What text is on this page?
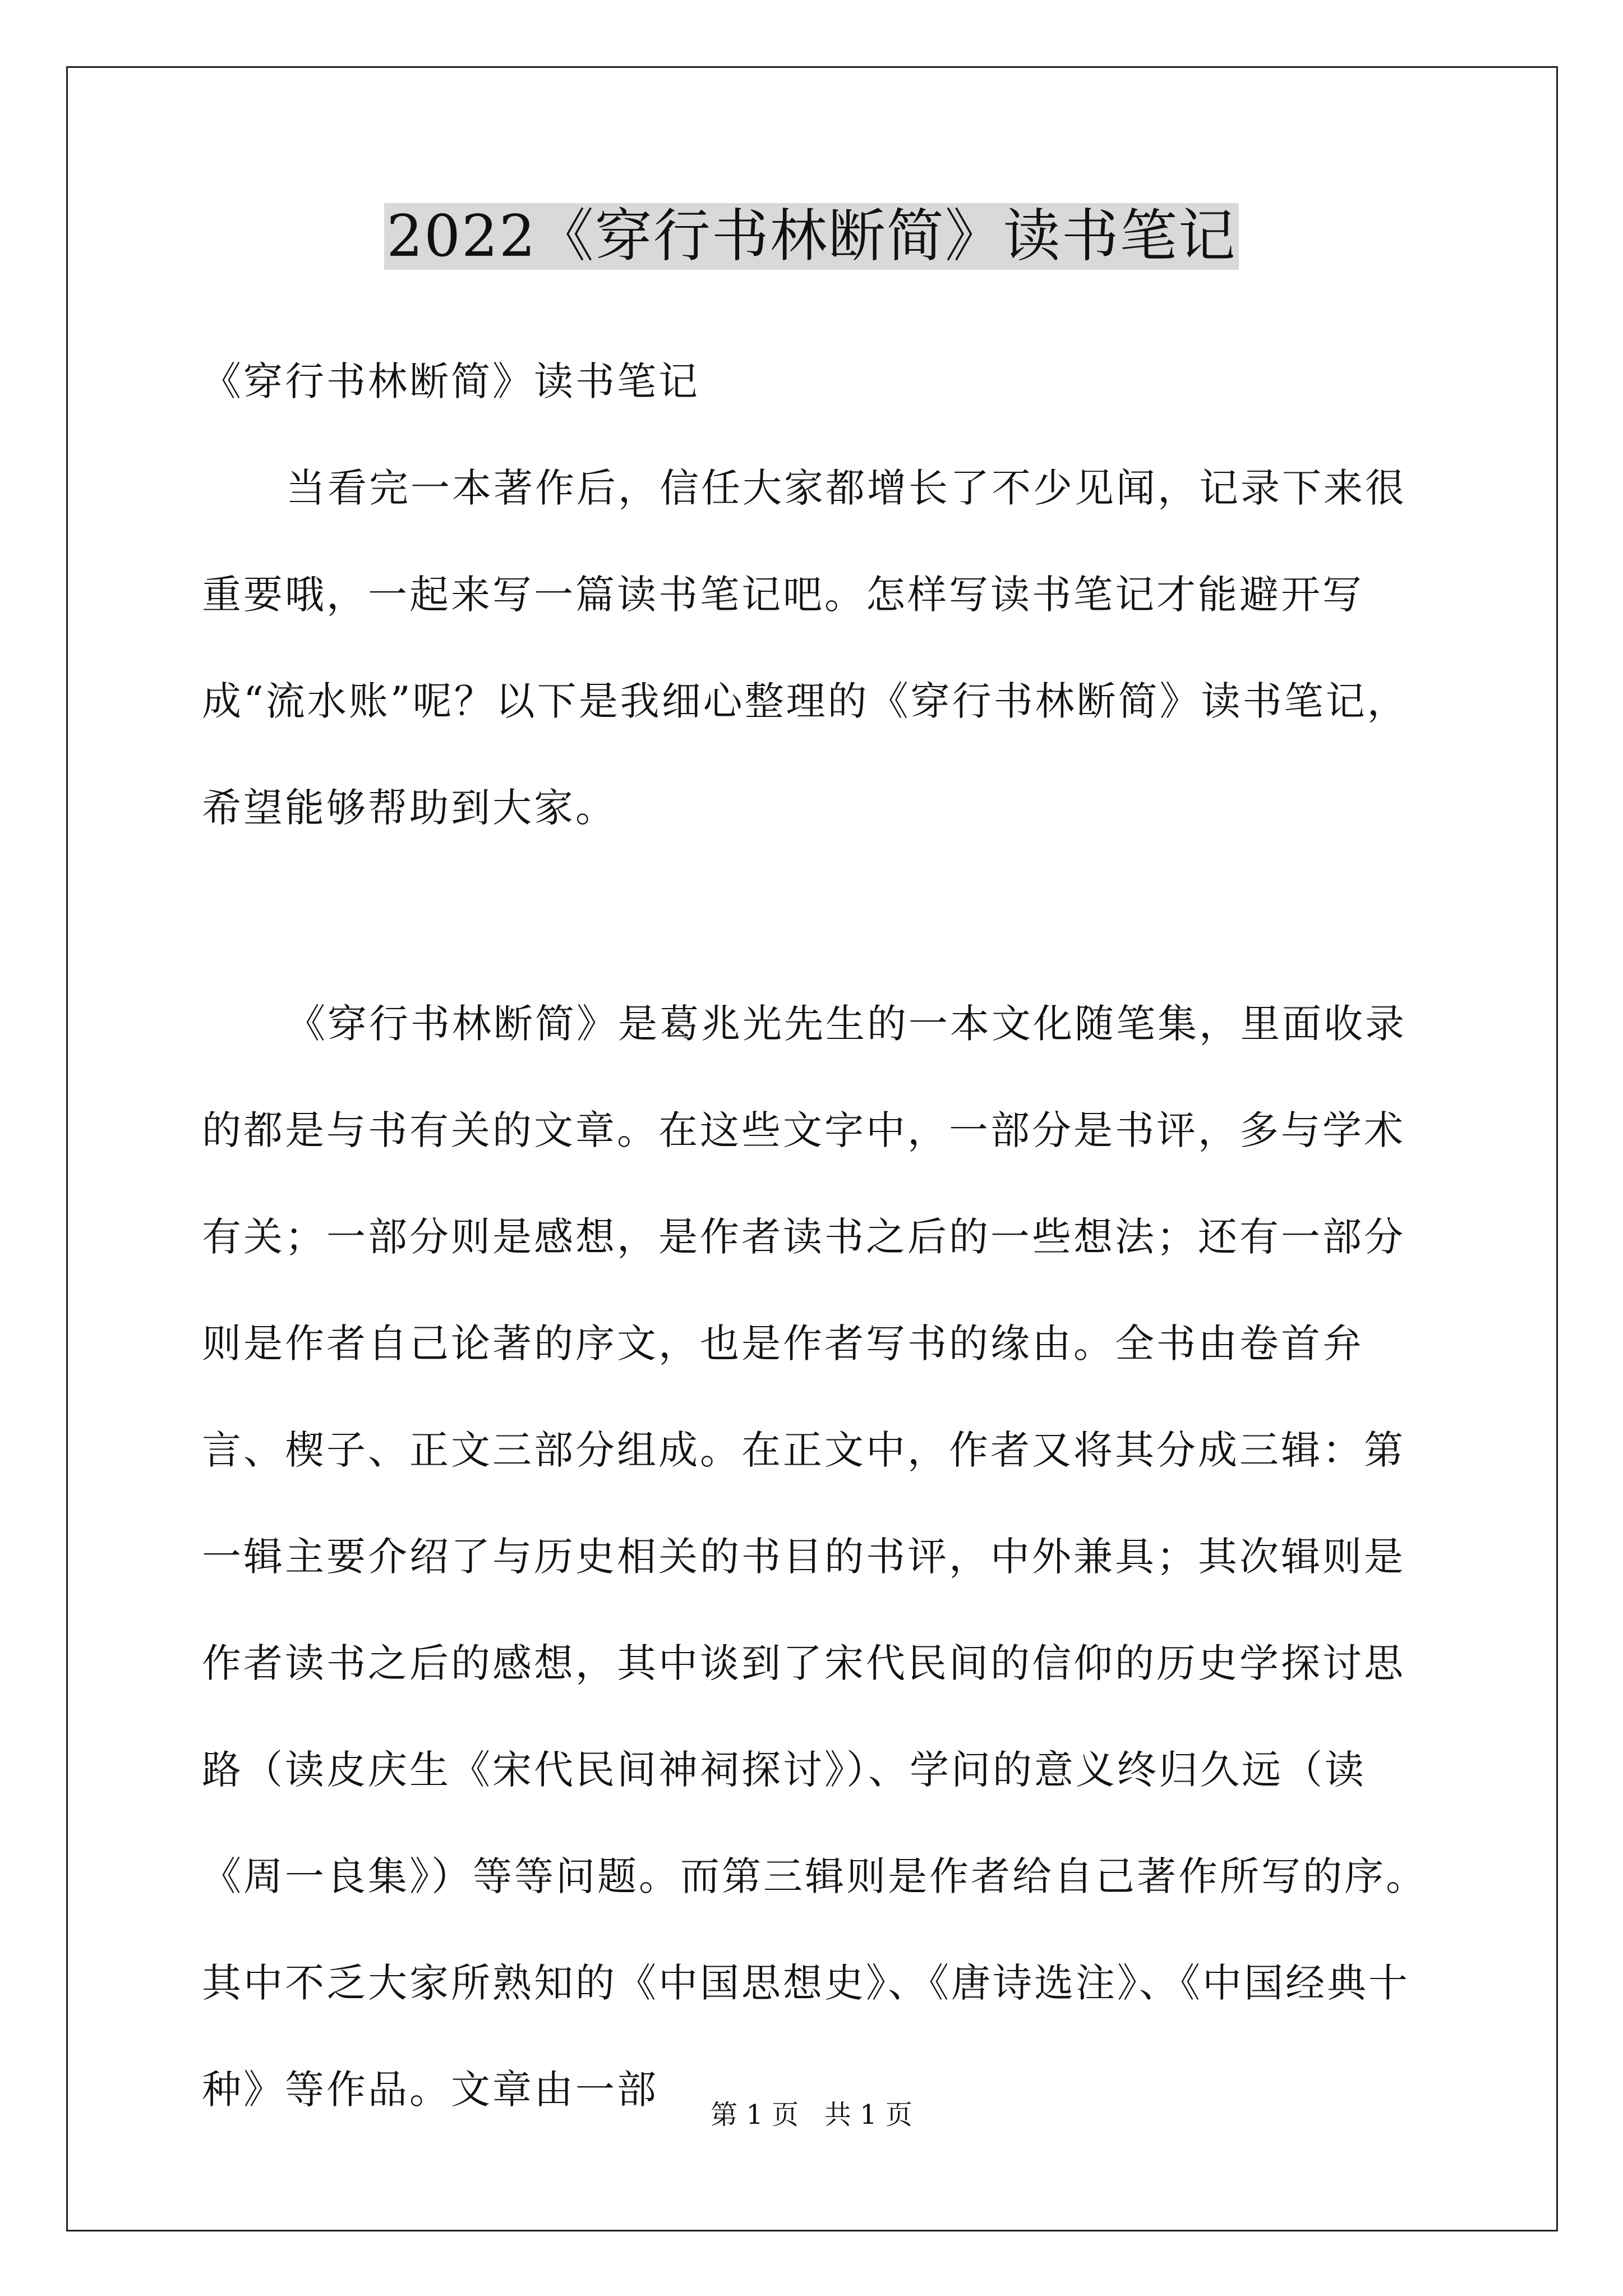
2022《穿行书林断简》读书笔记
《穿行书林断简》读书笔记

当看完一本著作后，信任大家都增长了不少见闻，记录下来很重要哦，一起来写一篇读书笔记吧。怎样写读书笔记才能避开写成“流水账”呢？以下是我细心整理的《穿行书林断简》读书笔记，希望能够帮助到大家。

《穿行书林断简》是葛兆光先生的一本文化随笔集，里面收录的都是与书有关的文章。在这些文字中，一部分是书评，多与学术有关；一部分则是感想，是作者读书之后的一些想法；还有一部分则是作者自己论著的序文，也是作者写书的缘由。全书由卷首弁言、楔子、正文三部分组成。在正文中，作者又将其分成三辑：第一辑主要介绍了与历史相关的书目的书评，中外兼具；其次辑则是作者读书之后的感想，其中谈到了宋代民间的信仰的历史学探讨思路（读皮庆生《宋代民间神祠探讨》）、学问的意义终归久远（读《周一良集》）等等问题。而第三辑则是作者给自己著作所写的序。其中不乏大家所熟知的《中国思想史》、《唐诗选注》、《中国经典十种》等作品。文章由一部

第 1 页   共 1 页
